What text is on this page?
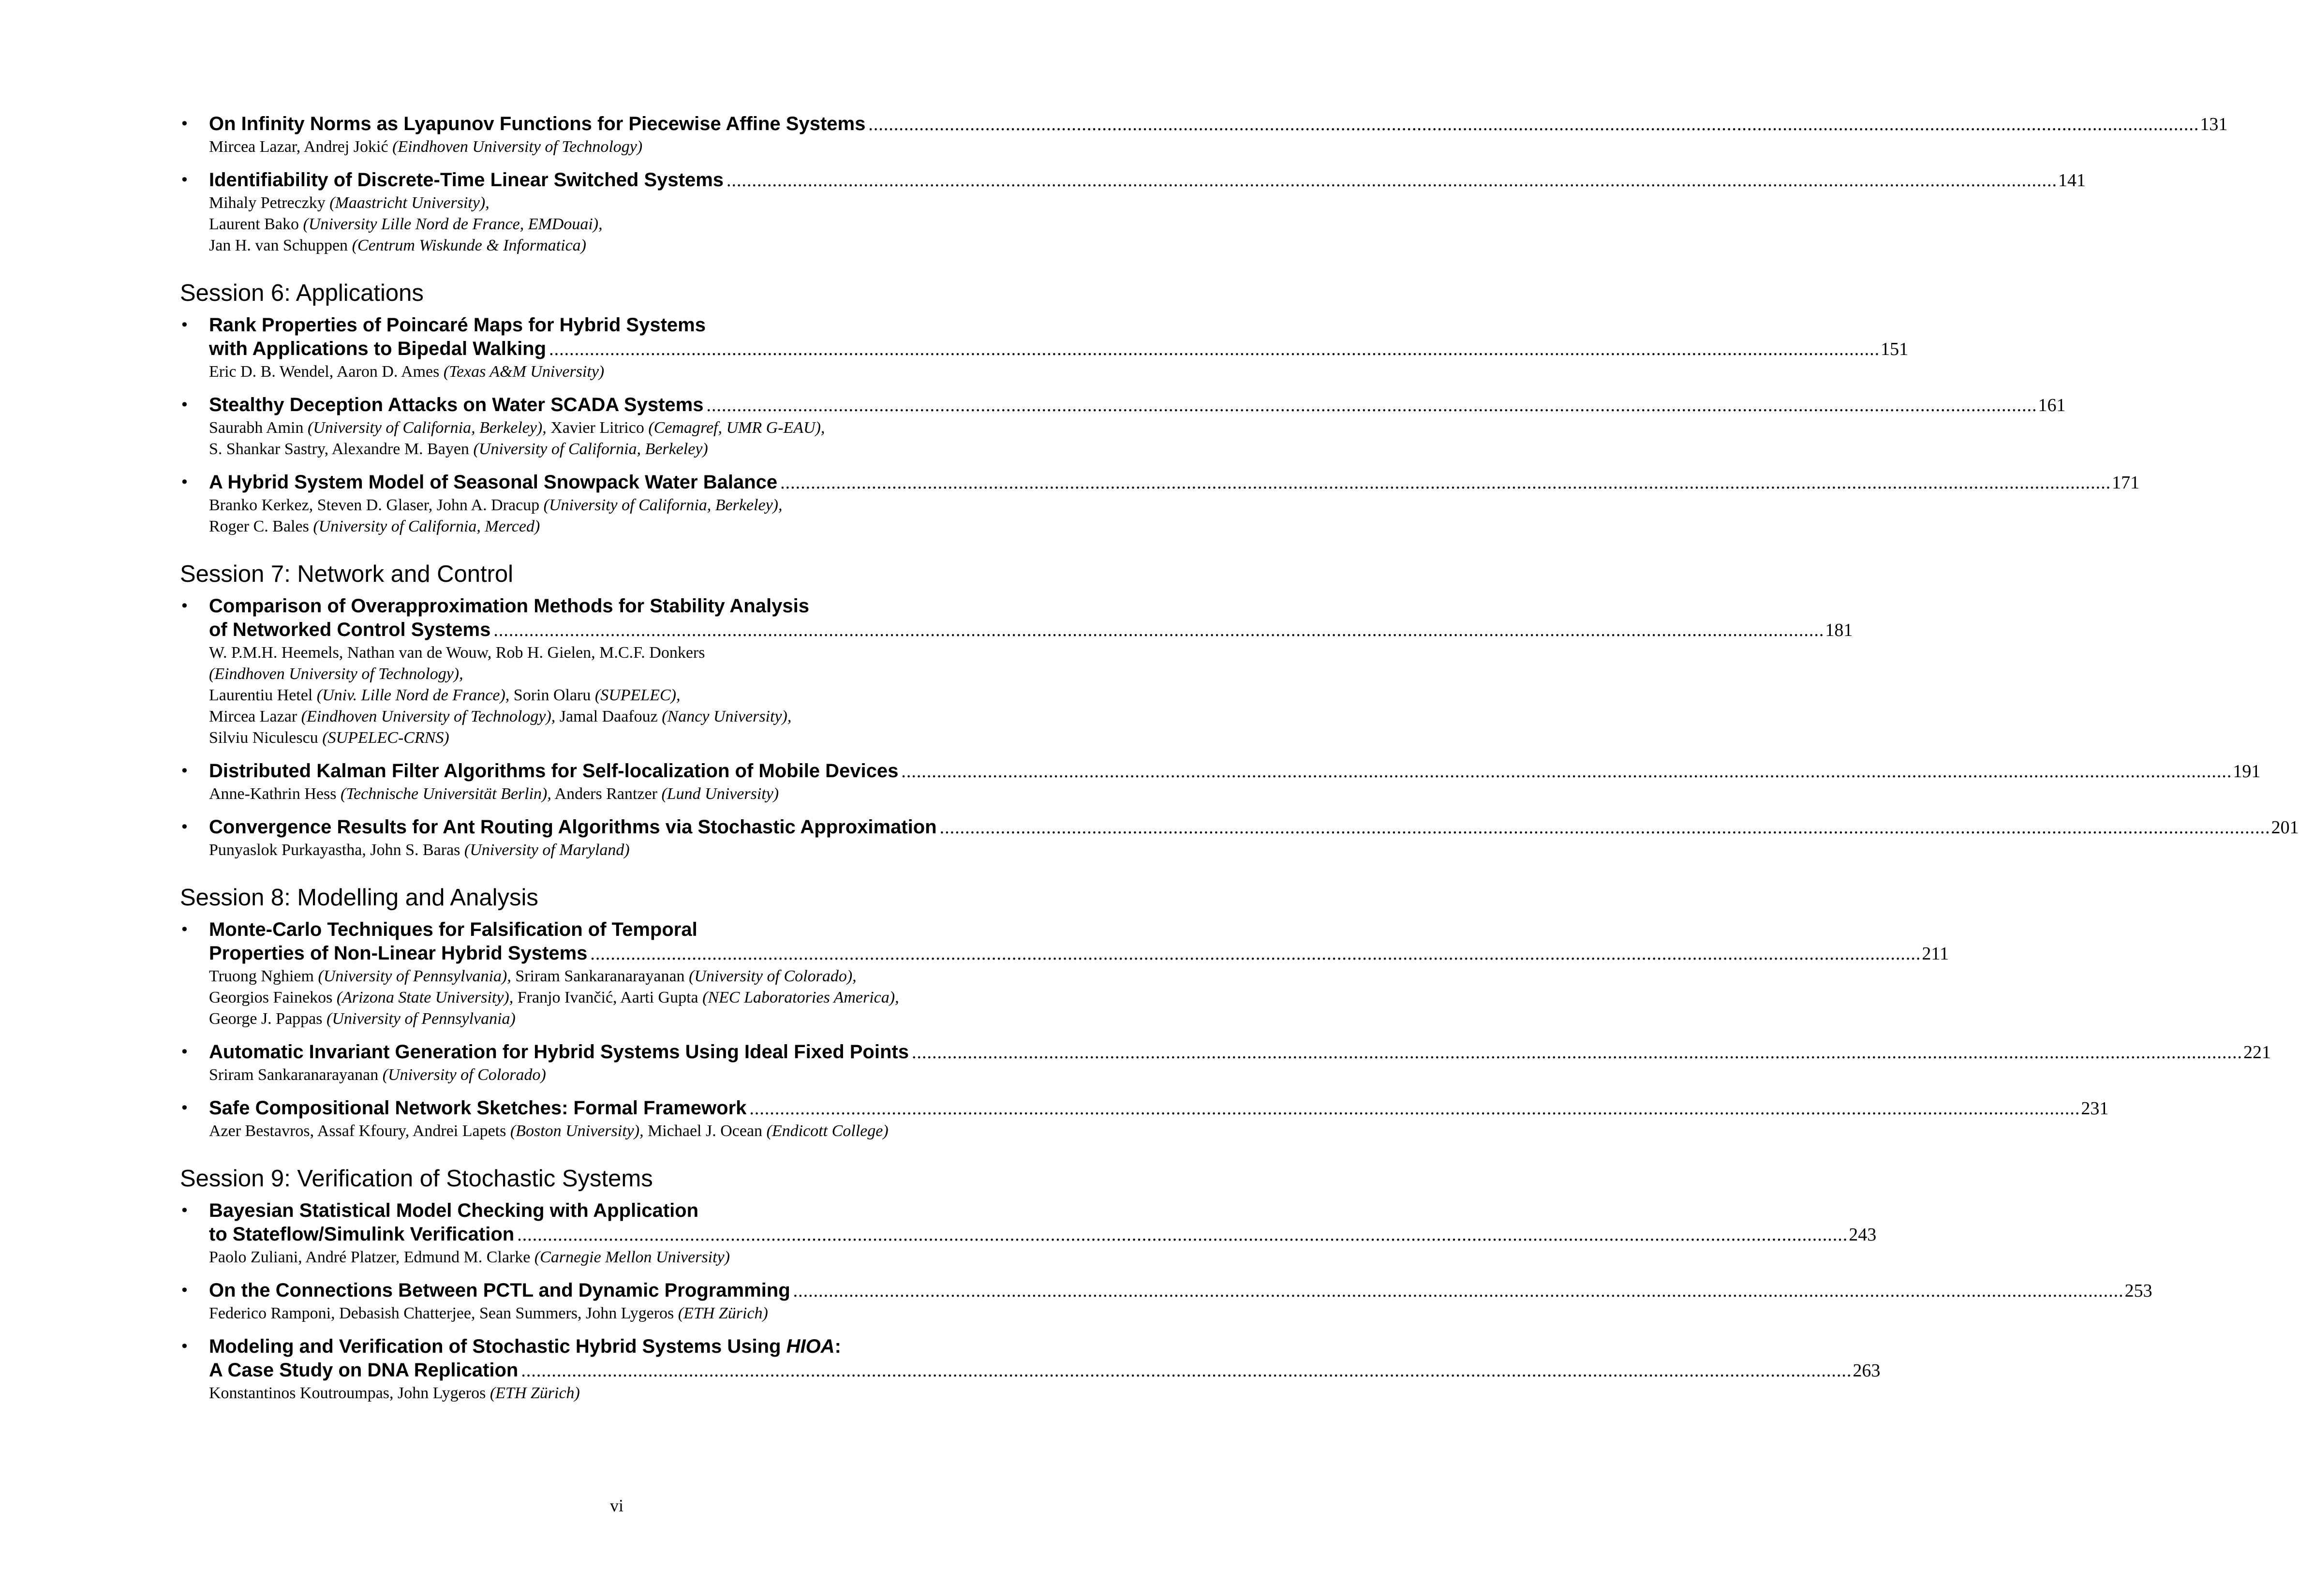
• On Infinity Norms as Lyapunov Functions for Piecewise Affine Systems ...................................................................................................................................................................................................................................................................... 131
Mircea Lazar, Andrej Jokić (Eindhoven University of Technology)
• Identifiability of Discrete-Time Linear Switched Systems ...................................................................................................................................................................................................................................................................... 141
Mihaly Petreczky (Maastricht University),
Laurent Bako (University Lille Nord de France, EMDouai),
Jan H. van Schuppen (Centrum Wiskunde & Informatica)
Session 6: Applications
• Rank Properties of Poincaré Maps for Hybrid Systems
with Applications to Bipedal Walking ...................................................................................................................................................................................................................................................................... 151
Eric D. B. Wendel, Aaron D. Ames (Texas A&M University)
• Stealthy Deception Attacks on Water SCADA Systems ...................................................................................................................................................................................................................................................................... 161
Saurabh Amin (University of California, Berkeley), Xavier Litrico (Cemagref, UMR G-EAU),
S. Shankar Sastry, Alexandre M. Bayen (University of California, Berkeley)
• A Hybrid System Model of Seasonal Snowpack Water Balance ...................................................................................................................................................................................................................................................................... 171
Branko Kerkez, Steven D. Glaser, John A. Dracup (University of California, Berkeley),
Roger C. Bales (University of California, Merced)
Session 7: Network and Control
• Comparison of Overapproximation Methods for Stability Analysis
of Networked Control Systems ...................................................................................................................................................................................................................................................................... 181
W. P.M.H. Heemels, Nathan van de Wouw, Rob H. Gielen, M.C.F. Donkers
(Eindhoven University of Technology),
Laurentiu Hetel (Univ. Lille Nord de France), Sorin Olaru (SUPELEC),
Mircea Lazar (Eindhoven University of Technology), Jamal Daafouz (Nancy University),
Silviu Niculescu (SUPELEC-CRNS)
• Distributed Kalman Filter Algorithms for Self-localization of Mobile Devices ...................................................................................................................................................................................................................................................................... 191
Anne-Kathrin Hess (Technische Universität Berlin), Anders Rantzer (Lund University)
• Convergence Results for Ant Routing Algorithms via Stochastic Approximation ...................................................................................................................................................................................................................................................................... 201
Punyaslok Purkayastha, John S. Baras (University of Maryland)
Session 8: Modelling and Analysis
• Monte-Carlo Techniques for Falsification of Temporal
Properties of Non-Linear Hybrid Systems ...................................................................................................................................................................................................................................................................... 211
Truong Nghiem (University of Pennsylvania), Sriram Sankaranarayanan (University of Colorado),
Georgios Fainekos (Arizona State University), Franjo Ivančić, Aarti Gupta (NEC Laboratories America),
George J. Pappas (University of Pennsylvania)
• Automatic Invariant Generation for Hybrid Systems Using Ideal Fixed Points ...................................................................................................................................................................................................................................................................... 221
Sriram Sankaranarayanan (University of Colorado)
• Safe Compositional Network Sketches: Formal Framework ...................................................................................................................................................................................................................................................................... 231
Azer Bestavros, Assaf Kfoury, Andrei Lapets (Boston University), Michael J. Ocean (Endicott College)
Session 9: Verification of Stochastic Systems
• Bayesian Statistical Model Checking with Application
to Stateflow/Simulink Verification ...................................................................................................................................................................................................................................................................... 243
Paolo Zuliani, André Platzer, Edmund M. Clarke (Carnegie Mellon University)
• On the Connections Between PCTL and Dynamic Programming ...................................................................................................................................................................................................................................................................... 253
Federico Ramponi, Debasish Chatterjee, Sean Summers, John Lygeros (ETH Zürich)
• Modeling and Verification of Stochastic Hybrid Systems Using HIOA:
A Case Study on DNA Replication ...................................................................................................................................................................................................................................................................... 263
Konstantinos Koutroumpas, John Lygeros (ETH Zürich)
vi
